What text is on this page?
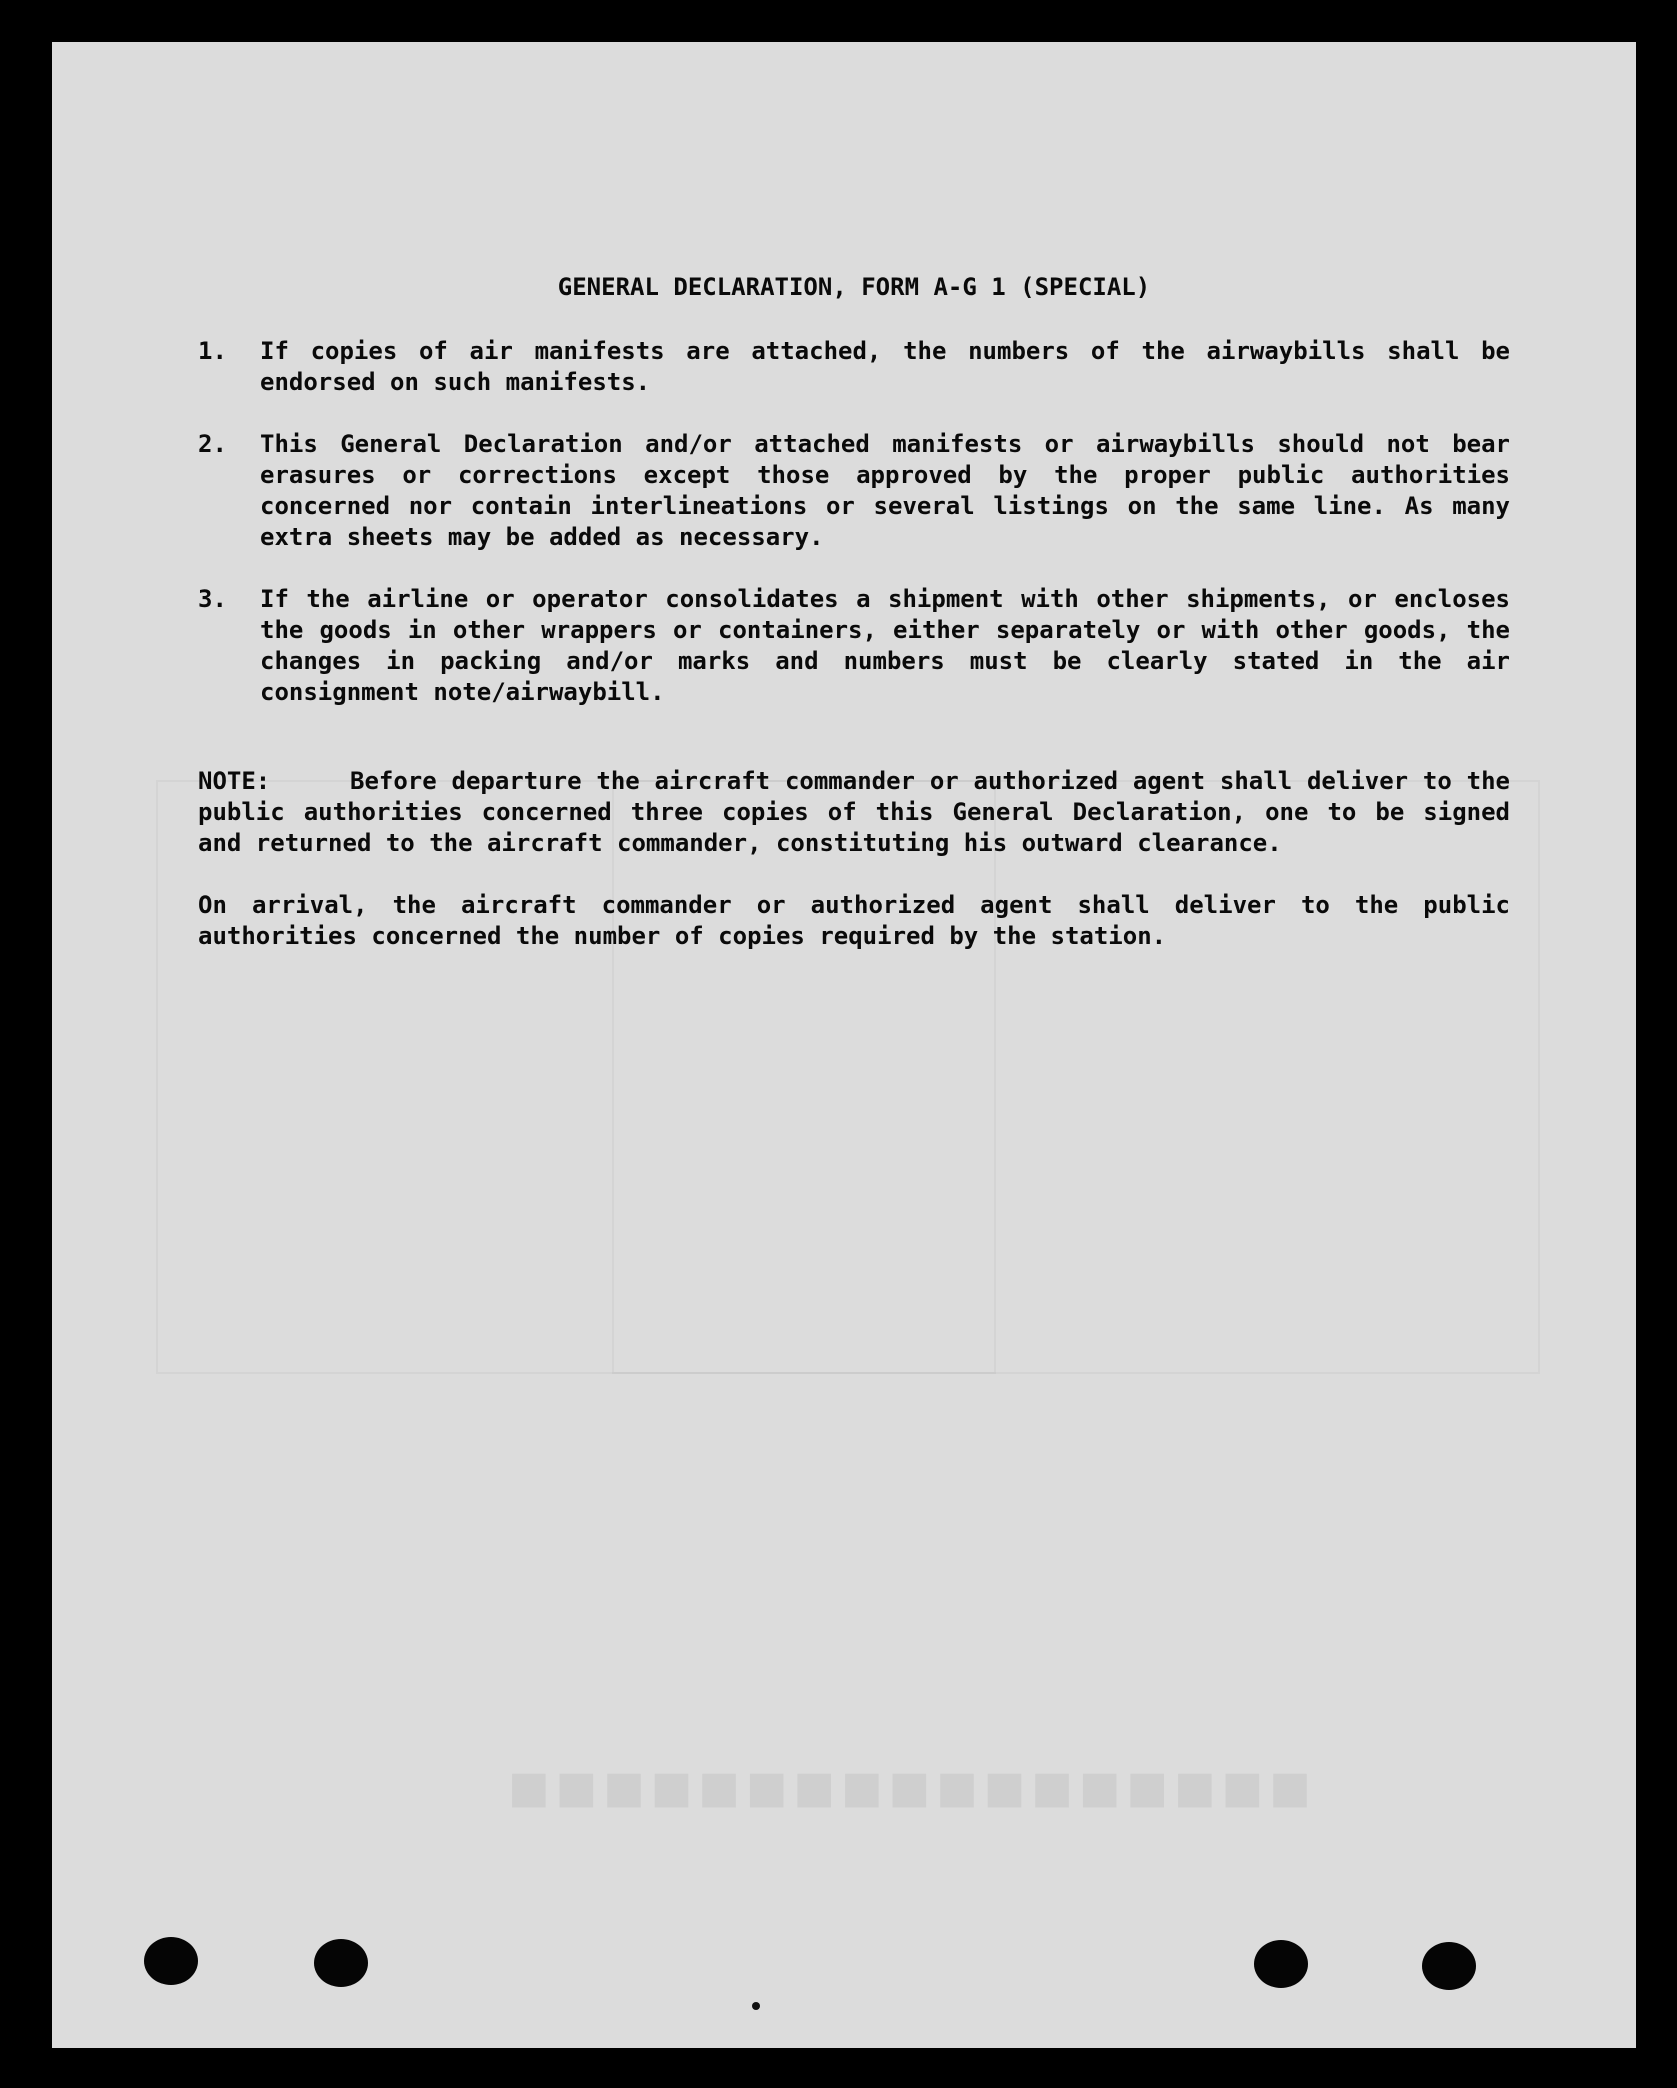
■■■■■■■■■■■■■■■■■
GENERAL DECLARATION, FORM A-G 1 (SPECIAL)
1.	If copies of air manifests are attached, the numbers of the airwaybills shall be endorsed on such manifests.
2.	This General Declaration and/or attached manifests or airwaybills should not bear erasures or corrections except those approved by the proper public authorities concerned nor contain interlineations or several listings on the same line. As many extra sheets may be added as necessary.
3.	If the airline or operator consolidates a shipment with other shipments, or encloses the goods in other wrappers or containers, either separately or with other goods, the changes in packing and/or marks and numbers must be clearly stated in the air consignment note/airwaybill.
NOTE:	Before departure the aircraft commander or authorized agent shall deliver to the public authorities concerned three copies of this General Declaration, one to be signed and returned to the aircraft commander, constituting his outward clearance.
On arrival, the aircraft commander or authorized agent shall deliver to the public authorities concerned the number of copies required by the station.
